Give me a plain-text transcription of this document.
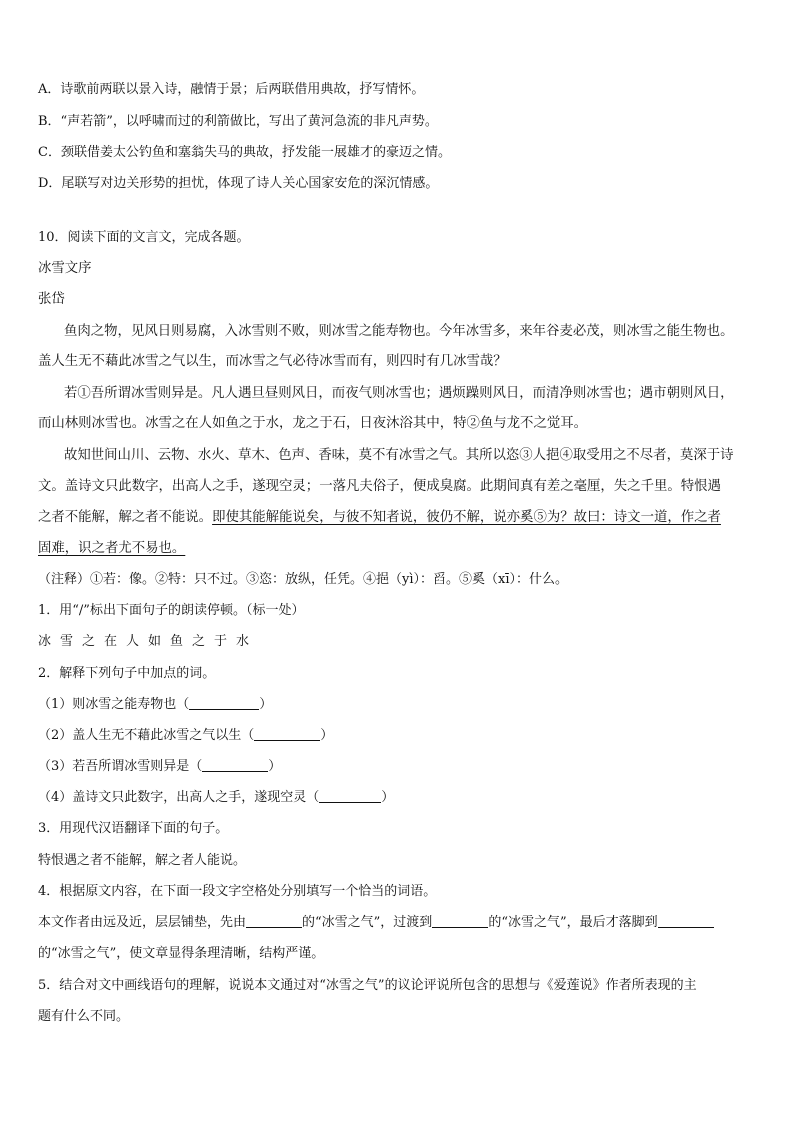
A．诗歌前两联以景入诗，融情于景；后两联借用典故，抒写情怀。
B．“声若箭”，以呼啸而过的利箭做比，写出了黄河急流的非凡声势。
C．颈联借姜太公钓鱼和塞翁失马的典故，抒发能一展雄才的豪迈之情。
D．尾联写对边关形势的担忧，体现了诗人关心国家安危的深沉情感。
10．阅读下面的文言文，完成各题。
冰雪文序
张岱
鱼肉之物，见风日则易腐，入冰雪则不败，则冰雪之能寿物也。今年冰雪多，来年谷麦必茂，则冰雪之能生物也。
盖人生无不藉此冰雪之气以生，而冰雪之气必待冰雪而有，则四时有几冰雪哉？
若①吾所谓冰雪则异是。凡人遇旦昼则风日，而夜气则冰雪也；遇烦躁则风日，而清净则冰雪也；遇市朝则风日，
而山林则冰雪也。冰雪之在人如鱼之于水，龙之于石，日夜沐浴其中，特②鱼与龙不之觉耳。
故知世间山川、云物、水火、草木、色声、香味，莫不有冰雪之气。其所以恣③人挹④取受用之不尽者，莫深于诗
文。盖诗文只此数字，出高人之手，遂现空灵；一落凡夫俗子，便成臭腐。此期间真有差之毫厘，失之千里。特恨遇
之者不能解，解之者不能说。即使其能解能说矣，与彼不知者说，彼仍不解，说亦奚⑤为？故曰：诗文一道，作之者
固难，识之者尤不易也。
（注释）①若：像。②特：只不过。③恣：放纵，任凭。④挹（yì）：舀。⑤奚（xī）：什么。
1．用“/”标出下面句子的朗读停顿。（标一处）
冰雪之在人如鱼之于水
2．解释下列句子中加点的词。
（1）则冰雪之能寿物也（	）
（2）盖人生无不藉此冰雪之气以生（	）
（3）若吾所谓冰雪则异是（	）
（4）盖诗文只此数字，出高人之手，遂现空灵（	）
3．用现代汉语翻译下面的句子。
特恨遇之者不能解，解之者人能说。
4．根据原文内容，在下面一段文字空格处分别填写一个恰当的词语。
本文作者由远及近，层层铺垫，先由	的“冰雪之气”，过渡到	的“冰雪之气”，最后才落脚到
的“冰雪之气”，使文章显得条理清晰，结构严谨。
5．结合对文中画线语句的理解，说说本文通过对“冰雪之气”的议论评说所包含的思想与《爱莲说》作者所表现的主
题有什么不同。
